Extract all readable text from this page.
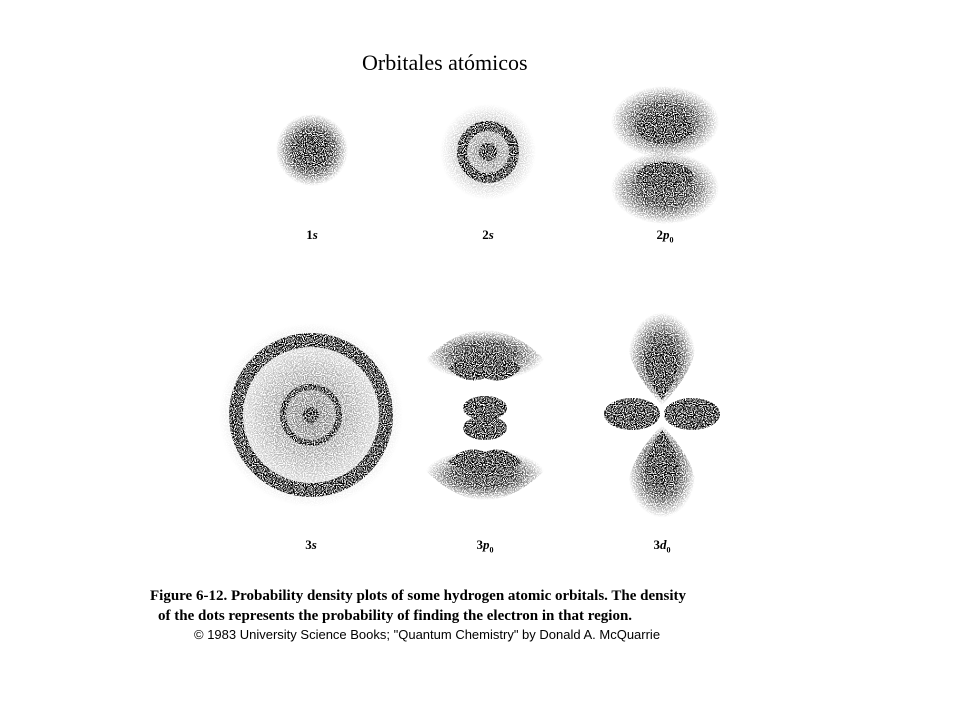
Orbitales atómicos
1s	2s	$2p_0$
3s	$3p_0$	$3d_0$
Figure 6-12. Probability density plots of some hydrogen atomic orbitals. The density
of the dots represents the probability of finding the electron in that region.
© 1983 University Science Books; "Quantum Chemistry" by Donald A. McQuarrie
